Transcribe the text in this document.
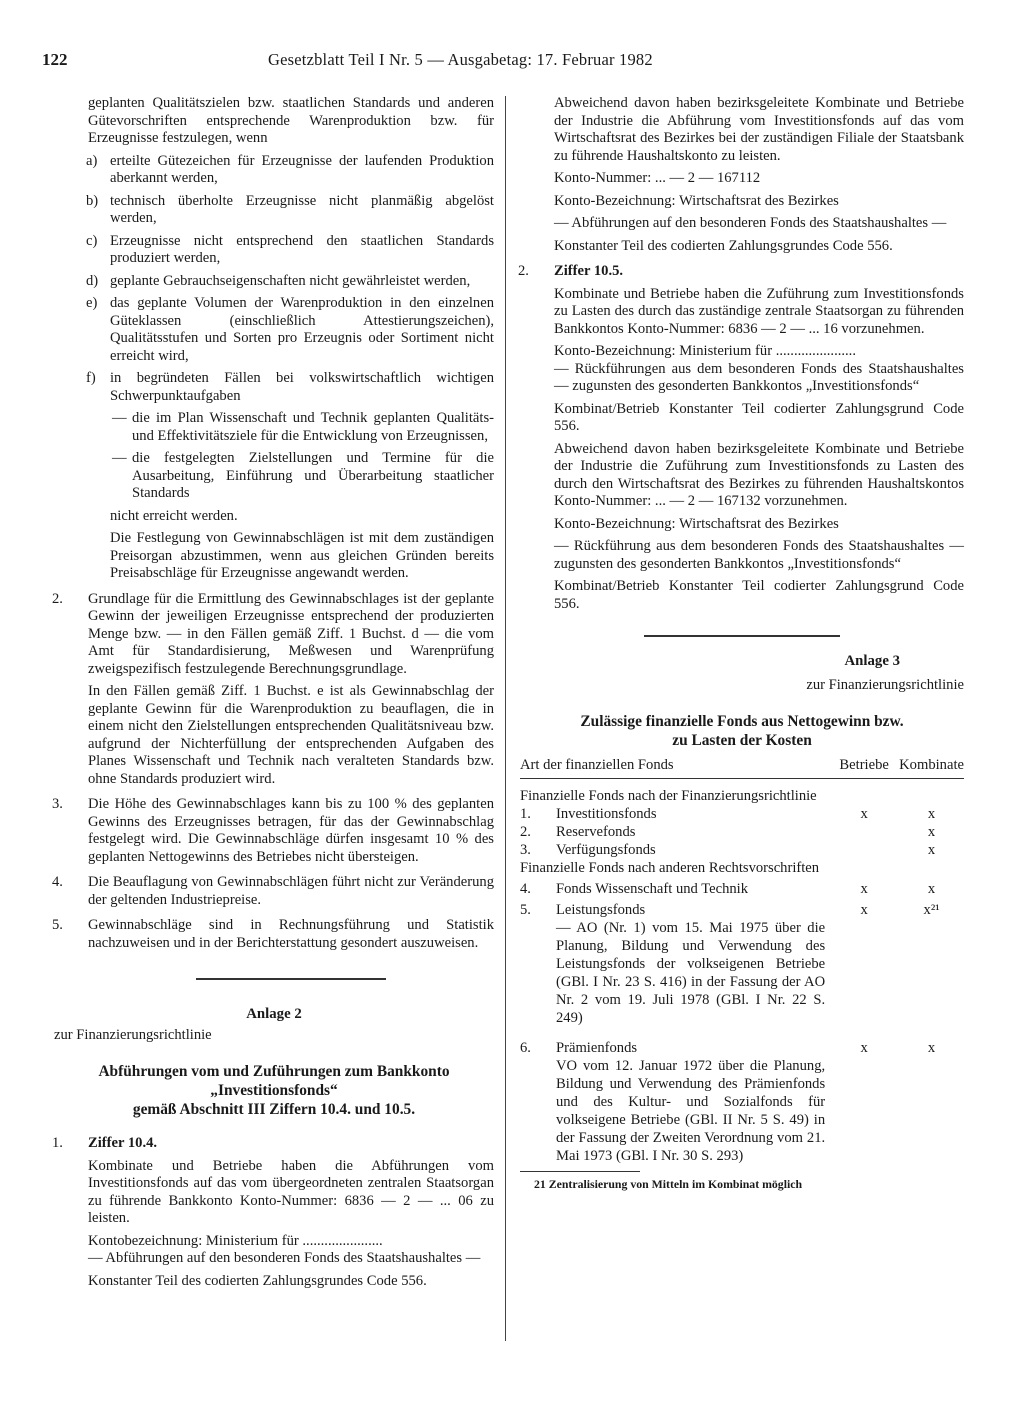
122	Gesetzblatt Teil I Nr. 5 — Ausgabetag: 17. Februar 1982

geplanten Qualitätszielen bzw. staatlichen Standards und anderen Gütevorschriften entsprechende Warenproduktion bzw. für Erzeugnisse festzulegen, wenn

a) erteilte Gütezeichen für Erzeugnisse der laufenden Produktion aberkannt werden,
b) technisch überholte Erzeugnisse nicht planmäßig abgelöst werden,
c) Erzeugnisse nicht entsprechend den staatlichen Standards produziert werden,
d) geplante Gebrauchseigenschaften nicht gewährleistet werden,
e) das geplante Volumen der Warenproduktion in den einzelnen Güteklassen (einschließlich Attestierungszeichen), Qualitätsstufen und Sorten pro Erzeugnis oder Sortiment nicht erreicht wird,
f) in begründeten Fällen bei volkswirtschaftlich wichtigen Schwerpunktaufgaben
— die im Plan Wissenschaft und Technik geplanten Qualitäts- und Effektivitätsziele für die Entwicklung von Erzeugnissen,
— die festgelegten Zielstellungen und Termine für die Ausarbeitung, Einführung und Überarbeitung staatlicher Standards

nicht erreicht werden.

Die Festlegung von Gewinnabschlägen ist mit dem zuständigen Preisorgan abzustimmen, wenn aus gleichen Gründen bereits Preisabschläge für Erzeugnisse angewandt werden.

2. Grundlage für die Ermittlung des Gewinnabschlages ist der geplante Gewinn der jeweiligen Erzeugnisse entsprechend der produzierten Menge bzw. — in den Fällen gemäß Ziff. 1 Buchst. d — die vom Amt für Standardisierung, Meßwesen und Warenprüfung zweigspezifisch festzulegende Berechnungsgrundlage.

In den Fällen gemäß Ziff. 1 Buchst. e ist als Gewinnabschlag der geplante Gewinn für die Warenproduktion zu beauflagen, die in einem nicht den Zielstellungen entsprechenden Qualitätsniveau bzw. aufgrund der Nichterfüllung der entsprechenden Aufgaben des Planes Wissenschaft und Technik nach veralteten Standards bzw. ohne Standards produziert wird.

3. Die Höhe des Gewinnabschlages kann bis zu 100 % des geplanten Gewinns des Erzeugnisses betragen, für das der Gewinnabschlag festgelegt wird. Die Gewinnabschläge dürfen insgesamt 10 % des geplanten Nettogewinns des Betriebes nicht übersteigen.

4. Die Beauflagung von Gewinnabschlägen führt nicht zur Veränderung der geltenden Industriepreise.

5. Gewinnabschläge sind in Rechnungsführung und Statistik nachzuweisen und in der Berichterstattung gesondert auszuweisen.

Anlage 2

zur Finanzierungsrichtlinie

Abführungen vom und Zuführungen zum Bankkonto

„Investitionsfonds“

gemäß Abschnitt III Ziffern 10.4. und 10.5.

1. Ziffer 10.4.

Kombinate und Betriebe haben die Abführungen vom Investitionsfonds auf das vom übergeordneten zentralen Staatsorgan zu führende Bankkonto Konto-Nummer: 6836 — 2 — ... 06 zu leisten.

Kontobezeichnung: Ministerium für ......................

— Abführungen auf den besonderen Fonds des Staatshaushaltes —

Konstanter Teil des codierten Zahlungsgrundes Code 556.

Abweichend davon haben bezirksgeleitete Kombinate und Betriebe der Industrie die Abführung vom Investitionsfonds auf das vom Wirtschaftsrat des Bezirkes bei der zuständigen Filiale der Staatsbank zu führende Haushaltskonto zu leisten.

Konto-Nummer: ... — 2 — 167112

Konto-Bezeichnung: Wirtschaftsrat des Bezirkes

— Abführungen auf den besonderen Fonds des Staatshaushaltes —

Konstanter Teil des codierten Zahlungsgrundes Code 556.

2. Ziffer 10.5.

Kombinate und Betriebe haben die Zuführung zum Investitionsfonds zu Lasten des durch das zuständige zentrale Staatsorgan zu führenden Bankkontos Konto-Nummer: 6836 — 2 — ... 16 vorzunehmen.

Konto-Bezeichnung: Ministerium für ......................

— Rückführungen aus dem besonderen Fonds des Staatshaushaltes — zugunsten des gesonderten Bankkontos „Investitionsfonds“

Kombinat/Betrieb Konstanter Teil codierter Zahlungsgrund Code 556.

Abweichend davon haben bezirksgeleitete Kombinate und Betriebe der Industrie die Zuführung zum Investitionsfonds zu Lasten des durch den Wirtschaftsrat des Bezirkes zu führenden Haushaltskontos Konto-Nummer: ... — 2 — 167132 vorzunehmen.

Konto-Bezeichnung: Wirtschaftsrat des Bezirkes

— Rückführung aus dem besonderen Fonds des Staatshaushaltes — zugunsten des gesonderten Bankkontos „Investitionsfonds“

Kombinat/Betrieb Konstanter Teil codierter Zahlungsgrund Code 556.

Anlage 3

zur Finanzierungsrichtlinie

Zulässige finanzielle Fonds aus Nettogewinn bzw.

zu Lasten der Kosten

Art der finanziellen Fonds		Betriebe	Kombinate
Finanzielle Fonds nach der Finanzierungsrichtlinie			
1.	Investitionsfonds	x	x
2.	Reservefonds		x
3.	Verfügungsfonds		x
Finanzielle Fonds nach anderen Rechtsvorschriften			
4.	Fonds Wissenschaft und Technik	x	x
5.	Leistungsfonds	x	x²¹
	— AO (Nr. 1) vom 15. Mai 1975 über die Planung, Bildung und Verwendung des Leistungsfonds der volkseigenen Betriebe (GBl. I Nr. 23 S. 416) in der Fassung der AO Nr. 2 vom 19. Juli 1978 (GBl. I Nr. 22 S. 249)		
6.	Prämienfonds	x	x
	VO vom 12. Januar 1972 über die Planung, Bildung und Verwendung des Prämienfonds und des Kultur- und Sozialfonds für volkseigene Betriebe (GBl. II Nr. 5 S. 49) in der Fassung der Zweiten Verordnung vom 21. Mai 1973 (GBl. I Nr. 30 S. 293)		

21 Zentralisierung von Mitteln im Kombinat möglich
